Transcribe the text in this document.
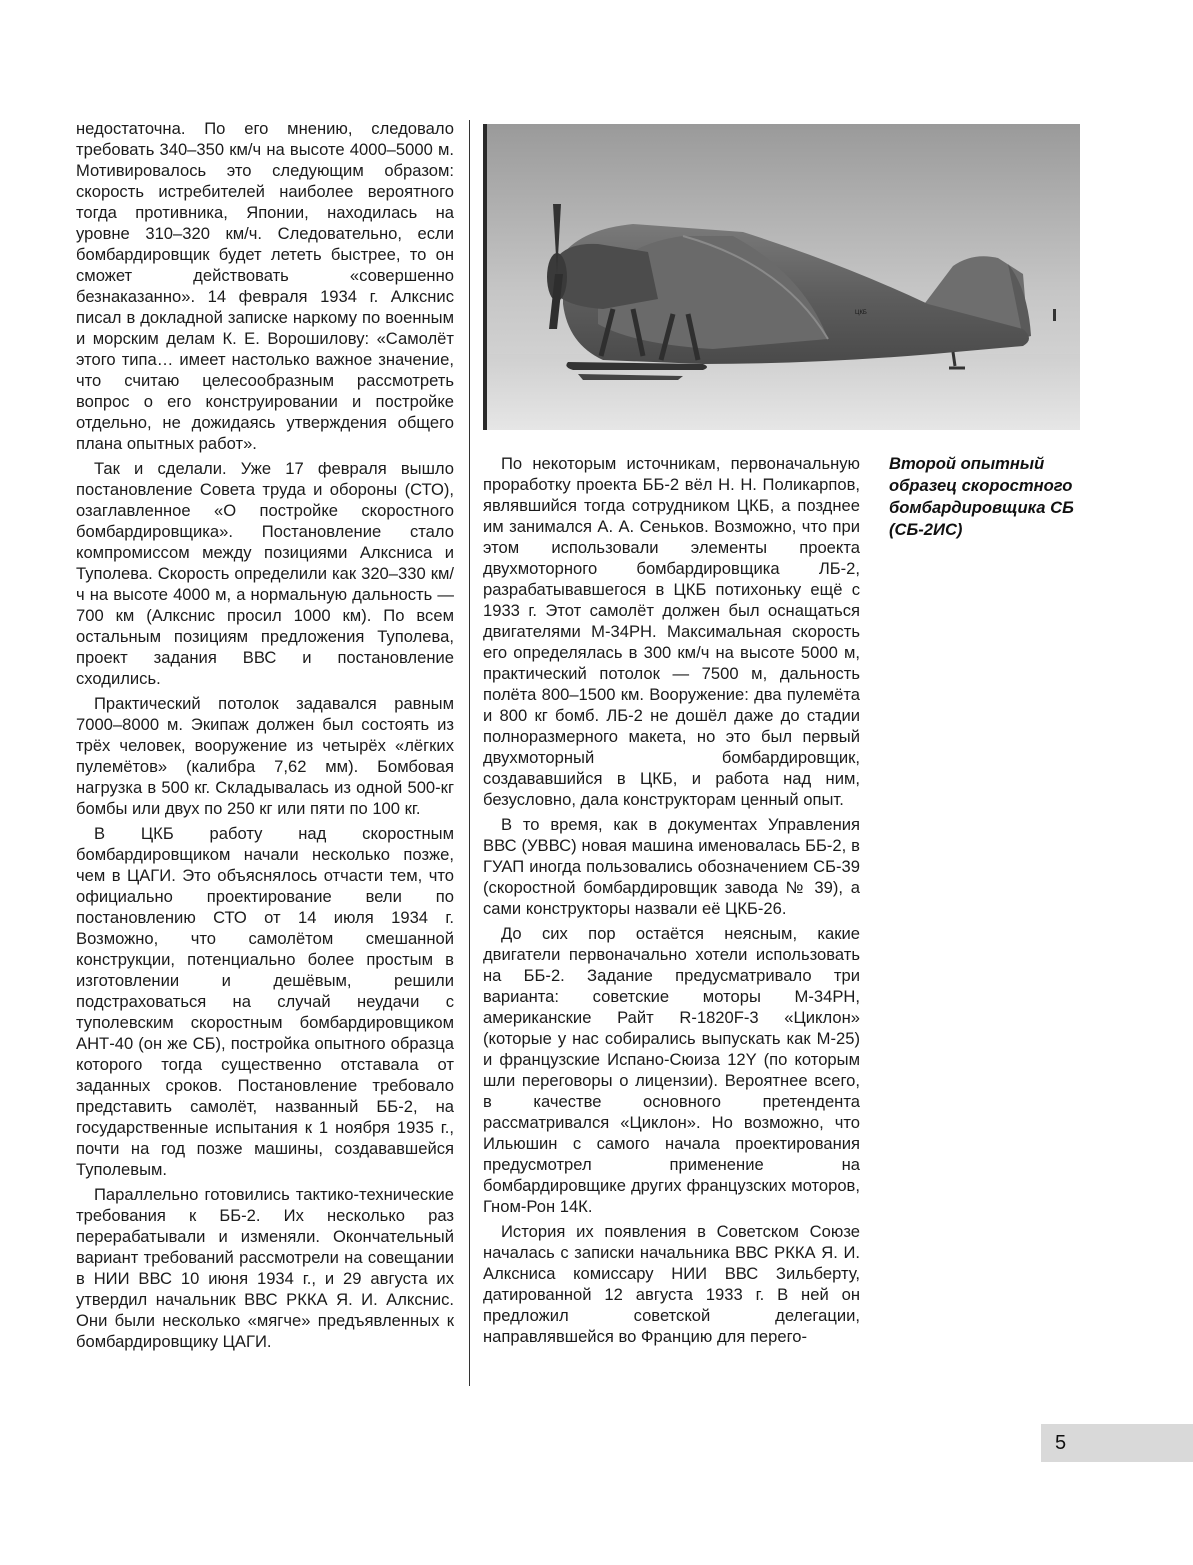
недостаточна. По его мнению, следовало требовать 340–350 км/ч на высоте 4000–5000 м. Мотивировалось это следующим образом: скорость истребителей наиболее вероятного тогда противника, Японии, находилась на уровне 310–320 км/ч. Следовательно, если бомбардировщик будет лететь быстрее, то он сможет действовать «совершенно безнаказанно». 14 февраля 1934 г. Алкснис писал в докладной записке наркому по военным и морским делам К. Е. Ворошилову: «Самолёт этого типа… имеет настолько важное значение, что считаю целесообразным рассмотреть вопрос о его конструировании и постройке отдельно, не дожидаясь утверждения общего плана опытных работ».

Так и сделали. Уже 17 февраля вышло постановление Совета труда и обороны (СТО), озаглавленное «О постройке скоростного бомбардировщика». Постановление стало компромиссом между позициями Алксниса и Туполева. Скорость определили как 320–330 км/ч на высоте 4000 м, а нормальную дальность — 700 км (Алкснис просил 1000 км). По всем остальным позициям предложения Туполева, проект задания ВВС и постановление сходились.

Практический потолок задавался равным 7000–8000 м. Экипаж должен был состоять из трёх человек, вооружение из четырёх «лёгких пулемётов» (калибра 7,62 мм). Бомбовая нагрузка в 500 кг. Складывалась из одной 500-кг бомбы или двух по 250 кг или пяти по 100 кг.

В ЦКБ работу над скоростным бомбардировщиком начали несколько позже, чем в ЦАГИ. Это объяснялось отчасти тем, что официально проектирование вели по постановлению СТО от 14 июля 1934 г. Возможно, что самолётом смешанной конструкции, потенциально более простым в изготовлении и дешёвым, решили подстраховаться на случай неудачи с туполевским скоростным бомбардировщиком АНТ-40 (он же СБ), постройка опытного образца которого тогда существенно отставала от заданных сроков. Постановление требовало представить самолёт, названный ББ-2, на государственные испытания к 1 ноября 1935 г., почти на год позже машины, создававшейся Туполевым.

Параллельно готовились тактико-технические требования к ББ-2. Их несколько раз перерабатывали и изменяли. Окончательный вариант требований рассмотрели на совещании в НИИ ВВС 10 июня 1934 г., и 29 августа их утвердил начальник ВВС РККА Я. И. Алкснис. Они были несколько «мягче» предъявленных к бомбардировщику ЦАГИ.

ЦКБ

По некоторым источникам, первоначальную проработку проекта ББ-2 вёл Н. Н. Поликарпов, являвшийся тогда сотрудником ЦКБ, а позднее им занимался А. А. Сеньков. Возможно, что при этом использовали элементы проекта двухмоторного бомбардировщика ЛБ-2, разрабатывавшегося в ЦКБ потихоньку ещё с 1933 г. Этот самолёт должен был оснащаться двигателями М-34РН. Максимальная скорость его определялась в 300 км/ч на высоте 5000 м, практический потолок — 7500 м, дальность полёта 800–1500 км. Вооружение: два пулемёта и 800 кг бомб. ЛБ-2 не дошёл даже до стадии полноразмерного макета, но это был первый двухмоторный бомбардировщик, создававшийся в ЦКБ, и работа над ним, безусловно, дала конструкторам ценный опыт.

В то время, как в документах Управления ВВС (УВВС) новая машина именовалась ББ-2, в ГУАП иногда пользовались обозначением СБ-39 (скоростной бомбардировщик завода № 39), а сами конструкторы назвали её ЦКБ-26.

До сих пор остаётся неясным, какие двигатели первоначально хотели использовать на ББ-2. Задание предусматривало три варианта: советские моторы М-34РН, американские Райт R-1820F-3 «Циклон» (которые у нас собирались выпускать как М-25) и французские Испано-Сюиза 12Y (по которым шли переговоры о лицензии). Вероятнее всего, в качестве основного претендента рассматривался «Циклон». Но возможно, что Ильюшин с самого начала проектирования предусмотрел применение на бомбардировщике других французских моторов, Гном-Рон 14К.

История их появления в Советском Союзе началась с записки начальника ВВС РККА Я. И. Алксниса комиссару НИИ ВВС Зильберту, датированной 12 августа 1933 г. В ней он предложил советской делегации, направлявшейся во Францию для перего-

Второй опытный образец скоростного бомбардировщика СБ (СБ-2ИС)
5
